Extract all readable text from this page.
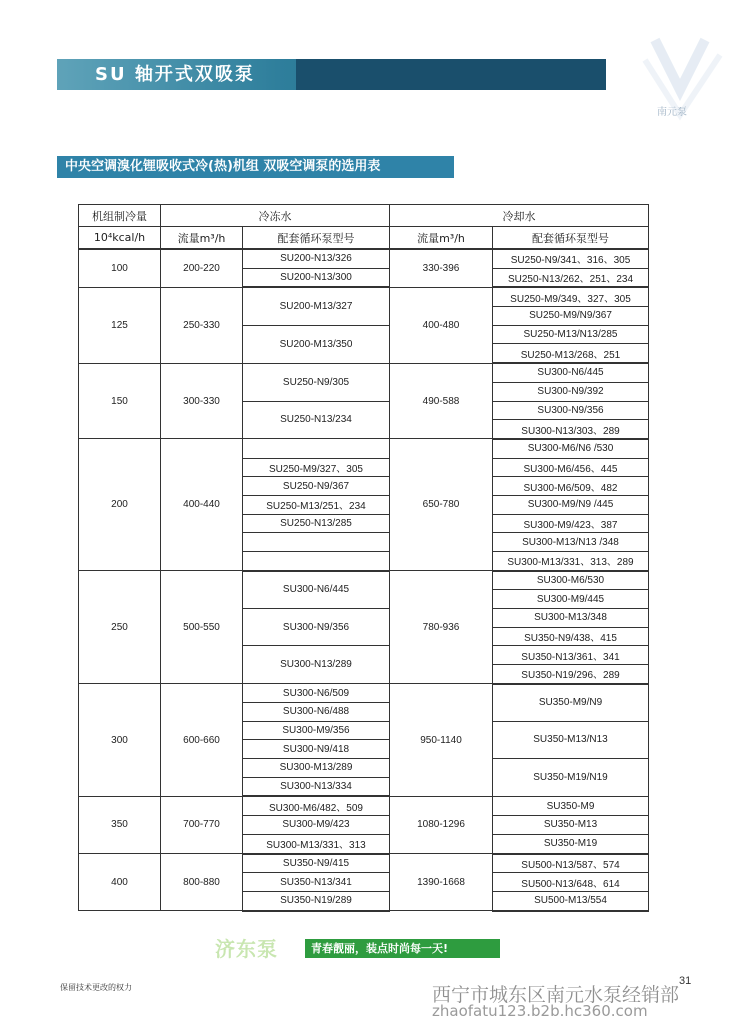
SU 轴开式双吸泵
南元泵
中央空调溴化锂吸收式冷(热)机组 双吸空调泵的选用表
机组制冷量	冷冻水		冷却水	
10⁴kcal/h	流量m³/h	配套循环泵型号	流量m³/h	配套循环泵型号
100	200-220	SU200-N13/326	330-396	SU250-N9/341、316、305
		SU200-N13/300		SU250-N13/262、251、234
125	250-330	SU200-M13/327	400-480	SU250-M9/349、327、305
				SU250-M9/N9/367
		SU200-M13/350		SU250-M13/N13/285
				SU250-M13/268、251
150	300-330	SU250-N9/305	490-588	SU300-N6/445
				SU300-N9/392
		SU250-N13/234		SU300-N9/356
				SU300-N13/303、289
200	400-440		650-780	SU300-M6/N6 /530
		SU250-M9/327、305		SU300-M6/456、445
		SU250-N9/367		SU300-M6/509、482
		SU250-M13/251、234		SU300-M9/N9 /445
		SU250-N13/285		SU300-M9/423、387
				SU300-M13/N13 /348
				SU300-M13/331、313、289
250	500-550	SU300-N6/445	780-936	SU300-M6/530
				SU300-M9/445
		SU300-N9/356		SU300-M13/348
				SU350-N9/438、415
		SU300-N13/289		SU350-N13/361、341
				SU350-N19/296、289
300	600-660	SU300-N6/509	950-1140	SU350-M9/N9
		SU300-N6/488		
		SU300-M9/356		SU350-M13/N13
		SU300-N9/418		
		SU300-M13/289		SU350-M19/N19
		SU300-N13/334		
350	700-770	SU300-M6/482、509	1080-1296	SU350-M9
		SU300-M9/423		SU350-M13
		SU300-M13/331、313		SU350-M19
400	800-880	SU350-N9/415	1390-1668	SU500-N13/587、574
		SU350-N13/341		SU500-N13/648、614
		SU350-N19/289		SU500-M13/554
济东泵	青春靓丽，装点时尚每一天!
保留技术更改的权力
31
西宁市城东区南元水泵经销部
zhaofatu123.b2b.hc360.com
